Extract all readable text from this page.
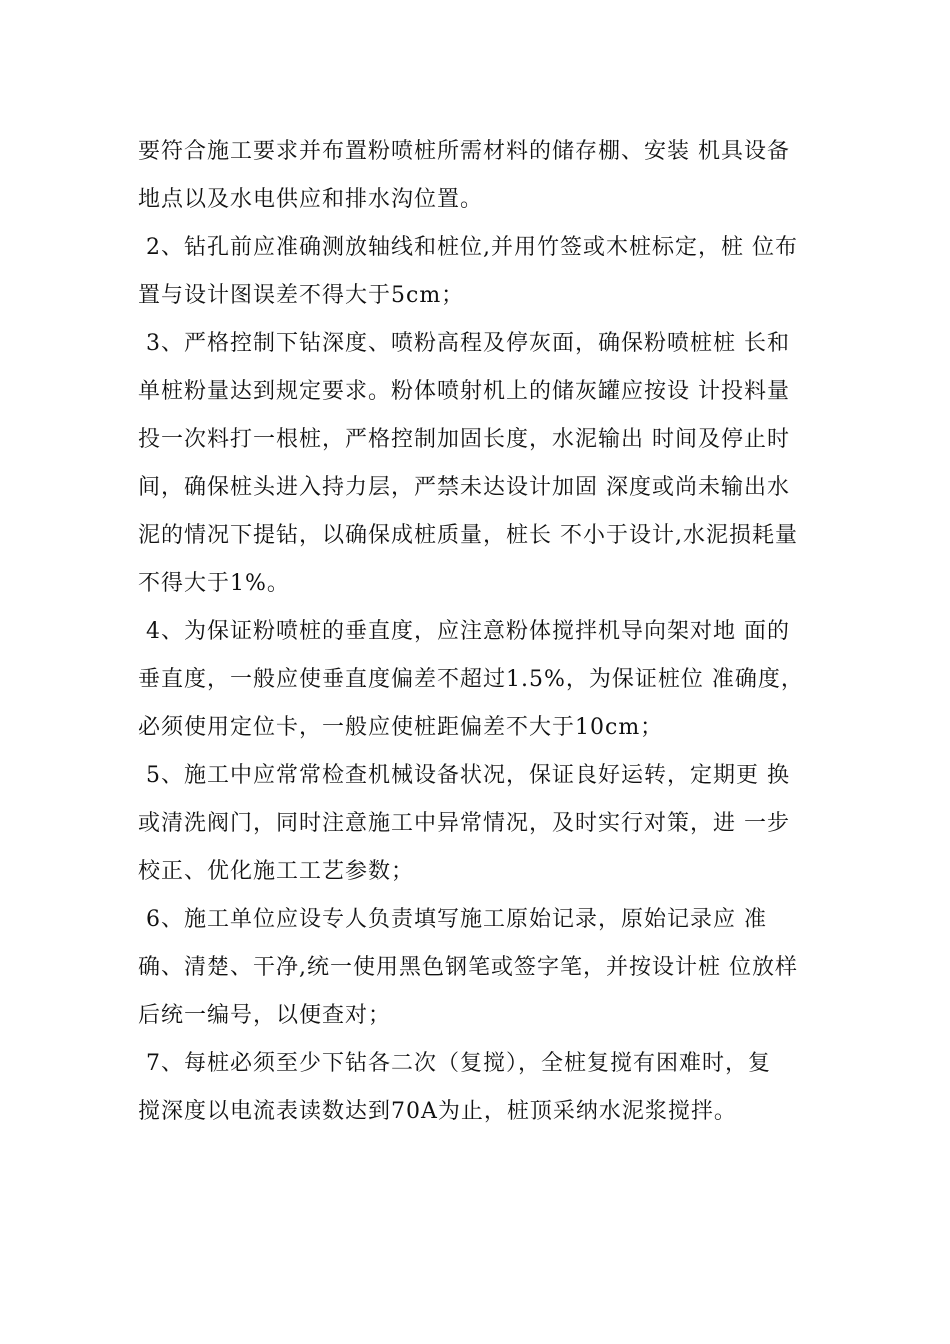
要符合施工要求并布置粉喷桩所需材料的储存棚、安装 机具设备
地点以及水电供应和排水沟位置。
2、钻孔前应准确测放轴线和桩位,并用竹签或木桩标定，桩 位布
置与设计图误差不得大于5cm；
3、严格控制下钻深度、喷粉高程及停灰面，确保粉喷桩桩 长和
单桩粉量达到规定要求。粉体喷射机上的储灰罐应按设 计投料量
投一次料打一根桩，严格控制加固长度，水泥输出 时间及停止时
间，确保桩头进入持力层，严禁未达设计加固 深度或尚未输出水
泥的情况下提钻，以确保成桩质量，桩长 不小于设计,水泥损耗量
不得大于1%。
4、为保证粉喷桩的垂直度，应注意粉体搅拌机导向架对地 面的
垂直度，一般应使垂直度偏差不超过1.5%，为保证桩位 准确度，
必须使用定位卡，一般应使桩距偏差不大于10cm；
5、施工中应常常检查机械设备状况，保证良好运转，定期更 换
或清洗阀门，同时注意施工中异常情况，及时实行对策，进 一步
校正、优化施工工艺参数；
6、施工单位应设专人负责填写施工原始记录，原始记录应 准
确、清楚、干净,统一使用黑色钢笔或签字笔，并按设计桩 位放样
后统一编号，以便查对；
7、每桩必须至少下钻各二次（复搅），全桩复搅有困难时，复
搅深度以电流表读数达到70A为止，桩顶采纳水泥浆搅拌。
